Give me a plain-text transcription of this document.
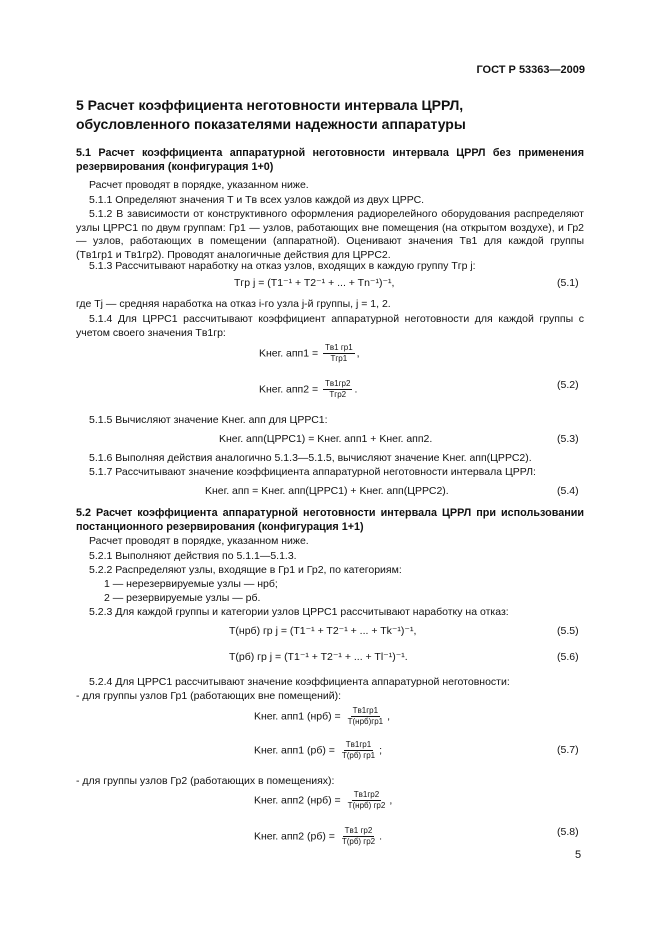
ГОСТ Р 53363—2009
5 Расчет коэффициента неготовности интервала ЦРРЛ, обусловленного показателями надежности аппаратуры
5.1 Расчет коэффициента аппаратурной неготовности интервала ЦРРЛ без применения резервирования (конфигурация 1+0)
Расчет проводят в порядке, указанном ниже.
5.1.1 Определяют значения T и Tв всех узлов каждой из двух ЦРРС.
5.1.2 В зависимости от конструктивного оформления радиорелейного оборудования распределяют узлы ЦРРС1 по двум группам: Гр1 — узлов, работающих вне помещения (на открытом воздухе), и Гр2 — узлов, работающих в помещении (аппаратной). Оценивают значения Tв1 для каждой группы (Tв1гр1 и Tв1гр2). Проводят аналогичные действия для ЦРРС2.
5.1.3 Рассчитывают наработку на отказ узлов, входящих в каждую группу Tгр j:
Tгр j = (T1⁻¹ + T2⁻¹ + ... + Tn⁻¹)⁻¹,	(5.1)
где Tj — средняя наработка на отказ i-го узла j-й группы, j = 1, 2.
5.1.4 Для ЦРРС1 рассчитывают коэффициент аппаратурной неготовности для каждой группы с учетом своего значения Tв1гр:
Kнег. $апп1 = \frac{Tв1 гр1}{\text{Tгр1}}$ ,
Kнег. $апп2 = \frac{Tв1гр2}{\text{Tгр2}}$ .	(5.2)
5.1.5 Вычисляют значение Kнег. апп для ЦРРС1:
Kнег. апп(ЦРРС1) = Kнег. апп1 + Kнег. апп2.	(5.3)
5.1.6 Выполняя действия аналогично 5.1.3—5.1.5, вычисляют значение Kнег. апп(ЦРРС2).
5.1.7 Рассчитывают значение коэффициента аппаратурной неготовности интервала ЦРРЛ:
Kнег. апп = Kнег. апп(ЦРРС1) + Kнег. апп(ЦРРС2).	(5.4)
5.2 Расчет коэффициента аппаратурной неготовности интервала ЦРРЛ при использовании постанционного резервирования (конфигурация 1+1)
Расчет проводят в порядке, указанном ниже.
5.2.1 Выполняют действия по 5.1.1—5.1.3.
5.2.2 Распределяют узлы, входящие в Гр1 и Гр2, по категориям:
1 — нерезервируемые узлы — нрб;
2 — резервируемые узлы — рб.
5.2.3 Для каждой группы и категории узлов ЦРРС1 рассчитывают наработку на отказ:
T(нрб) гр j = (T1⁻¹ + T2⁻¹ + ... + Tk⁻¹)⁻¹,	(5.5)
T(рб) гр j = (T1⁻¹ + T2⁻¹ + ... + Tl⁻¹)⁻¹.	(5.6)
5.2.4 Для ЦРРС1 рассчитывают значение коэффициента аппаратурной неготовности:
- для группы узлов Гр1 (работающих вне помещений):
Kнег. апп1 $(нрб) = \frac{Tв1гр1}{\text{T(нрб)гр1}}$ ,
Kнег. апп1 $(рб) = \frac{Tв1гр1}{T(рб) гр1}$ ;	(5.7)
- для группы узлов Гр2 (работающих в помещениях):
Kнег. апп2 $(нрб) = \frac{Tв1гр2}{\text{T(нрб) гр2}}$ ,
Kнег. апп2 $(рб) = \frac{Tв1 гр2}{T(рб) гр2}$ .	(5.8)
5
